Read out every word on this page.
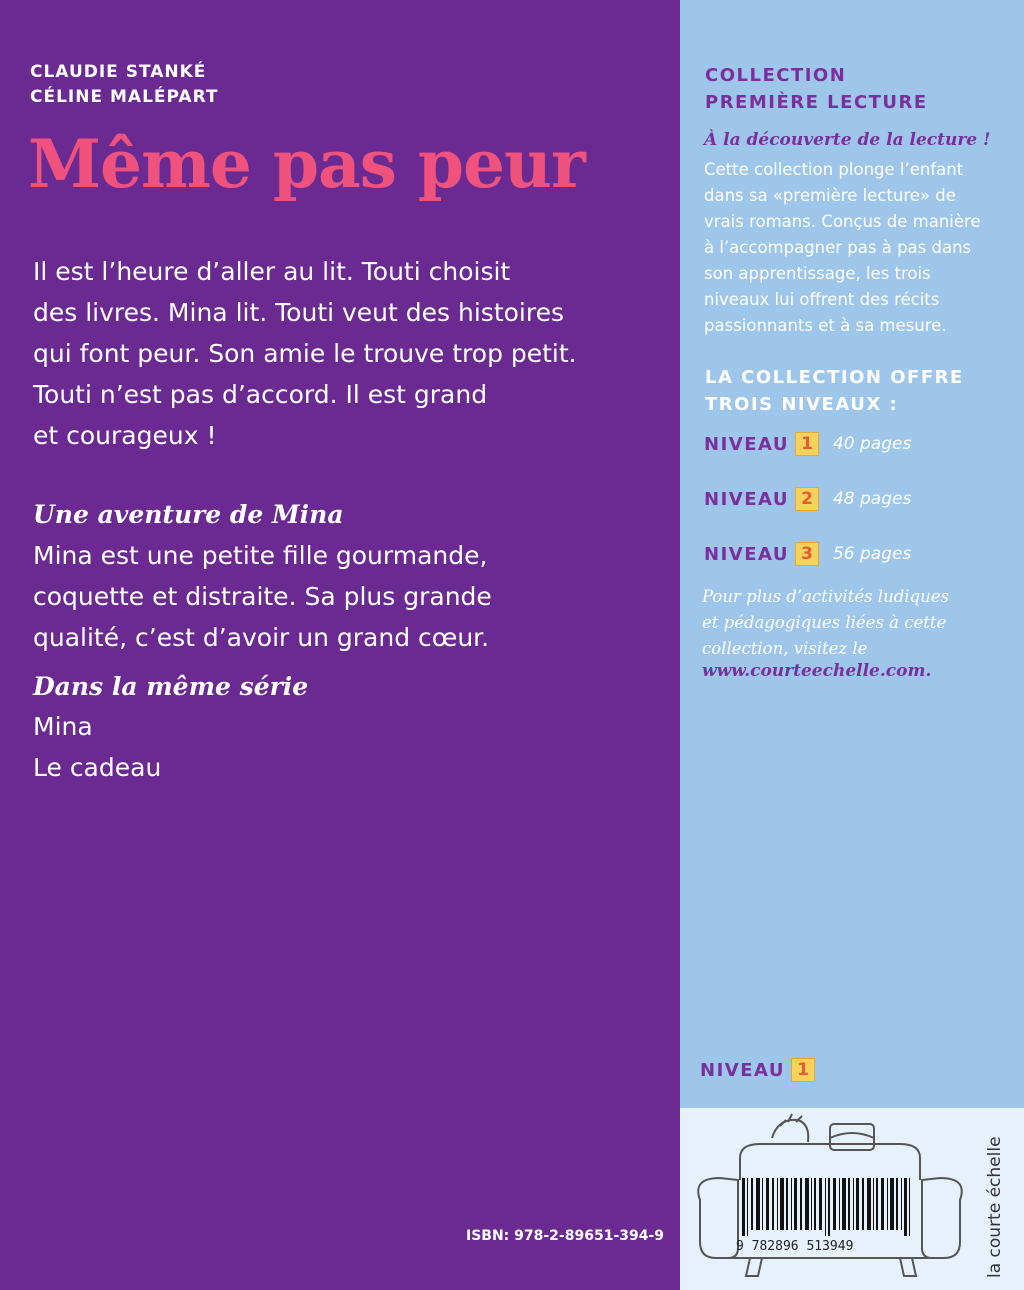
CLAUDIE STANKÉ
CÉLINE MALÉPART
Même pas peur
Il est l’heure d’aller au lit. Touti choisit
des livres. Mina lit. Touti veut des histoires
qui font peur. Son amie le trouve trop petit.
Touti n’est pas d’accord. Il est grand
et courageux !
Une aventure de Mina
Mina est une petite fille gourmande,
coquette et distraite. Sa plus grande
qualité, c’est d’avoir un grand cœur.
Dans la même série
Mina
Le cadeau
ISBN: 978-2-89651-394-9
COLLECTION
PREMIÈRE LECTURE
À la découverte de la lecture !
Cette collection plonge l’enfant
dans sa «première lecture» de
vrais romans. Conçus de manière
à l’accompagner pas à pas dans
son apprentissage, les trois
niveaux lui offrent des récits
passionnants et à sa mesure.
LA COLLECTION OFFRE
TROIS NIVEAUX :
NIVEAU 1	40 pages
NIVEAU 2	48 pages
NIVEAU 3	56 pages
Pour plus d’activités ludiques
et pédagogiques liées à cette
collection, visitez le
www.courteechelle.com.
NIVEAU 1
9 782896 513949	la courte échelle
